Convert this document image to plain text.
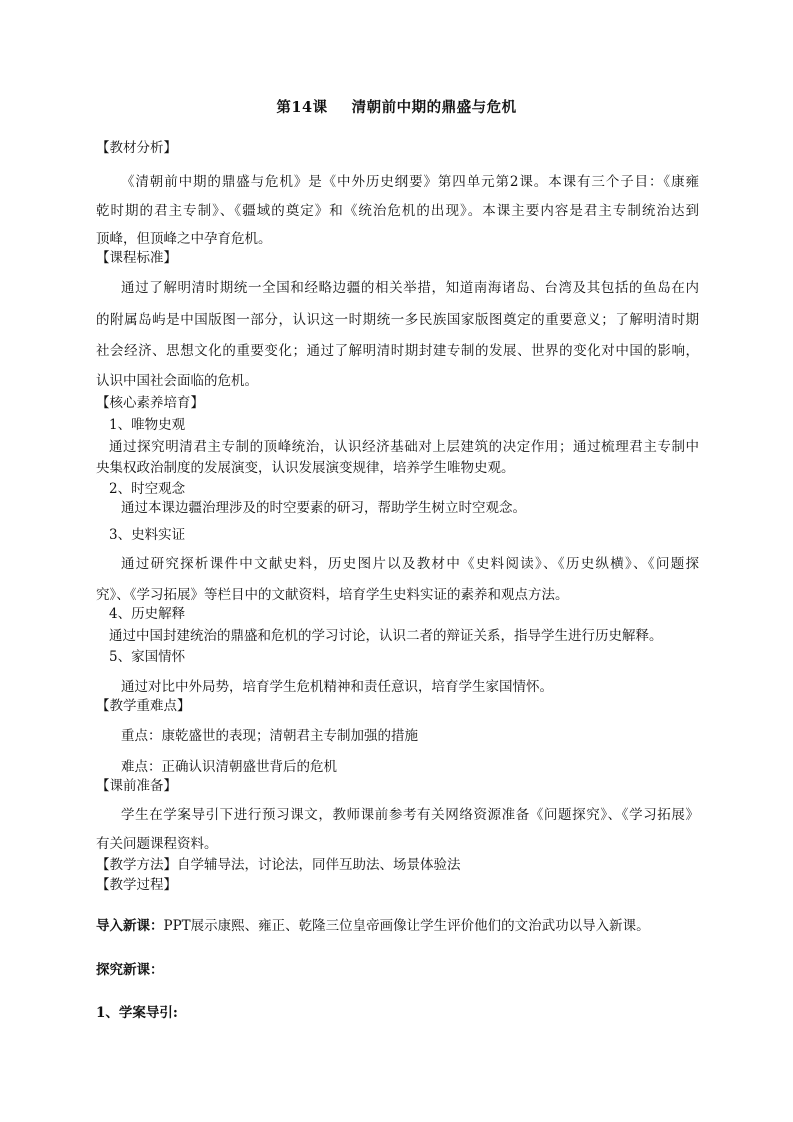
第14课 清朝前中期的鼎盛与危机
【教材分析】
《清朝前中期的鼎盛与危机》是《中外历史纲要》第四单元第2课。本课有三个子目：《康雍
乾时期的君主专制》、《疆域的奠定》和《统治危机的出现》。本课主要内容是君主专制统治达到
顶峰，但顶峰之中孕育危机。
【课程标准】
通过了解明清时期统一全国和经略边疆的相关举措，知道南海诸岛、台湾及其包括的鱼岛在内
的附属岛屿是中国版图一部分，认识这一时期统一多民族国家版图奠定的重要意义；了解明清时期
社会经济、思想文化的重要变化；通过了解明清时期封建专制的发展、世界的变化对中国的影响，
认识中国社会面临的危机。
【核心素养培育】
1、唯物史观
通过探究明清君主专制的顶峰统治，认识经济基础对上层建筑的决定作用；通过梳理君主专制中
央集权政治制度的发展演变，认识发展演变规律，培养学生唯物史观。
2、时空观念
通过本课边疆治理涉及的时空要素的研习，帮助学生树立时空观念。
3、史料实证
通过研究探析课件中文献史料，历史图片以及教材中《史料阅读》、《历史纵横》、《问题探
究》、《学习拓展》等栏目中的文献资料，培育学生史料实证的素养和观点方法。
4、历史解释
通过中国封建统治的鼎盛和危机的学习讨论，认识二者的辩证关系，指导学生进行历史解释。
5、家国情怀
通过对比中外局势，培育学生危机精神和责任意识，培育学生家国情怀。
【教学重难点】
重点：康乾盛世的表现；清朝君主专制加强的措施
难点：正确认识清朝盛世背后的危机
【课前准备】
学生在学案导引下进行预习课文，教师课前参考有关网络资源准备《问题探究》、《学习拓展》
有关问题课程资料。
【教学方法】自学辅导法，讨论法，同伴互助法、场景体验法
【教学过程】
导入新课：PPT展示康熙、雍正、乾隆三位皇帝画像让学生评价他们的文治武功以导入新课。
探究新课：
1、学案导引:
